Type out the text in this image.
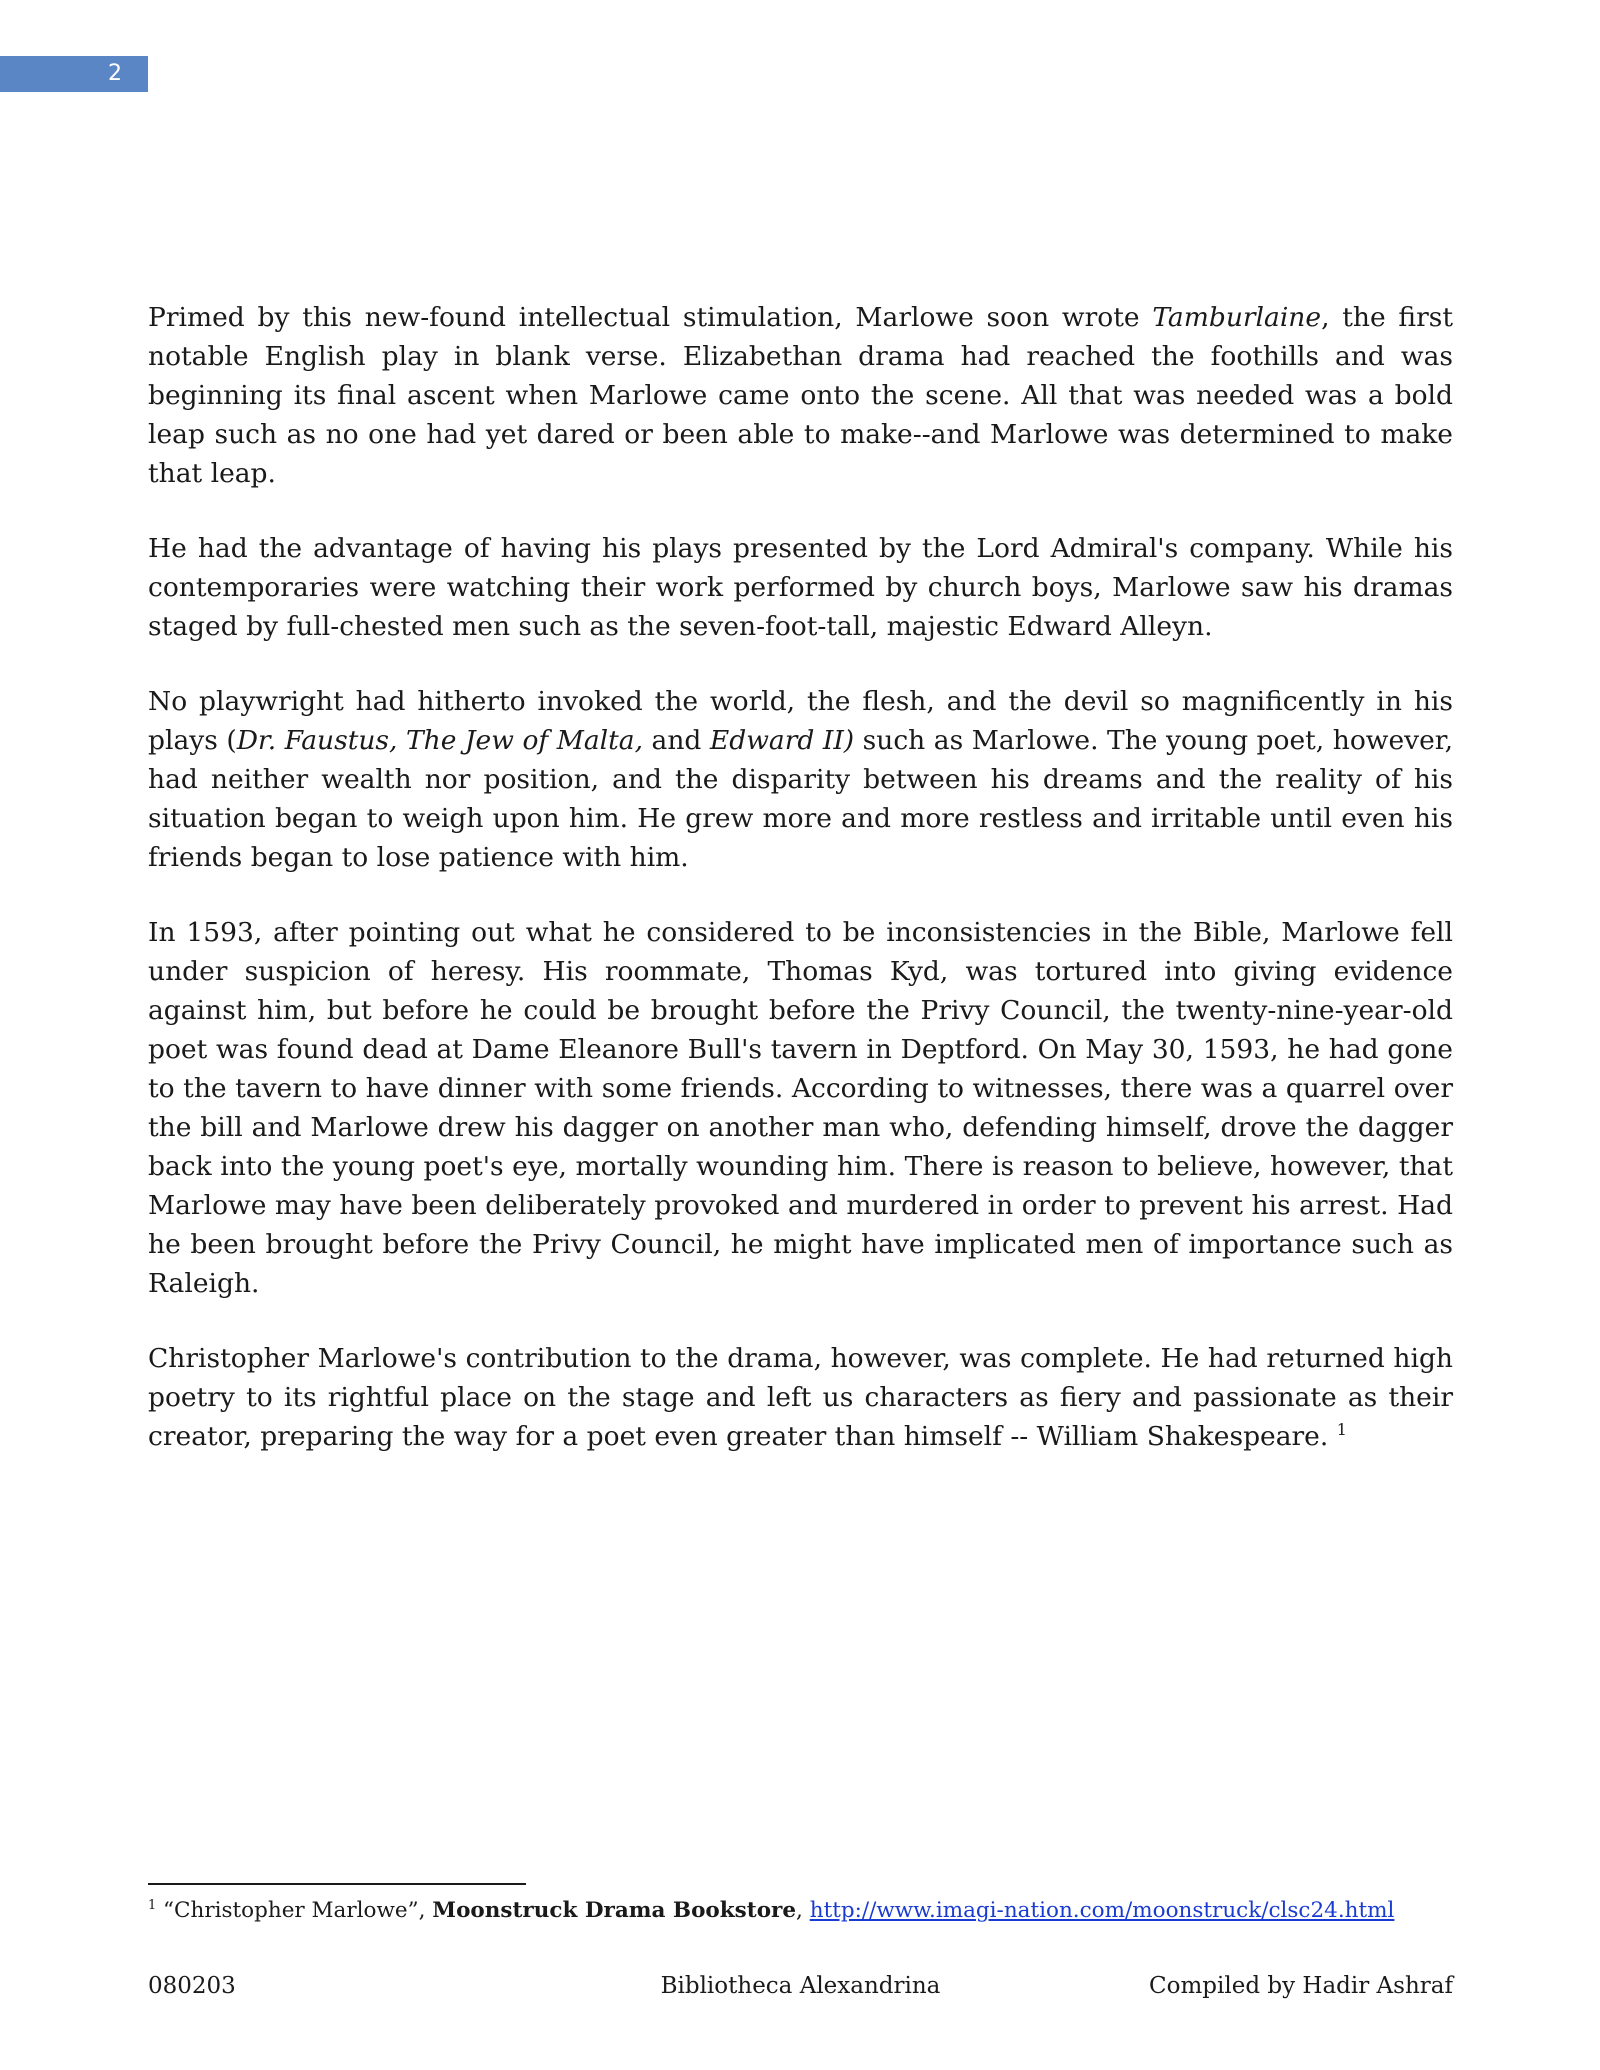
2

Primed by this new-found intellectual stimulation, Marlowe soon wrote Tamburlaine, the first notable English play in blank verse. Elizabethan drama had reached the foothills and was beginning its final ascent when Marlowe came onto the scene. All that was needed was a bold leap such as no one had yet dared or been able to make--and Marlowe was determined to make that leap.

He had the advantage of having his plays presented by the Lord Admiral's company. While his contemporaries were watching their work performed by church boys, Marlowe saw his dramas staged by full-chested men such as the seven-foot-tall, majestic Edward Alleyn.

No playwright had hitherto invoked the world, the flesh, and the devil so magnificently in his plays (Dr. Faustus, The Jew of Malta, and Edward II) such as Marlowe. The young poet, however, had neither wealth nor position, and the disparity between his dreams and the reality of his situation began to weigh upon him. He grew more and more restless and irritable until even his friends began to lose patience with him.

In 1593, after pointing out what he considered to be inconsistencies in the Bible, Marlowe fell under suspicion of heresy. His roommate, Thomas Kyd, was tortured into giving evidence against him, but before he could be brought before the Privy Council, the twenty-nine-year-old poet was found dead at Dame Eleanore Bull's tavern in Deptford. On May 30, 1593, he had gone to the tavern to have dinner with some friends. According to witnesses, there was a quarrel over the bill and Marlowe drew his dagger on another man who, defending himself, drove the dagger back into the young poet's eye, mortally wounding him. There is reason to believe, however, that Marlowe may have been deliberately provoked and murdered in order to prevent his arrest. Had he been brought before the Privy Council, he might have implicated men of importance such as Raleigh.

Christopher Marlowe's contribution to the drama, however, was complete. He had returned high poetry to its rightful place on the stage and left us characters as fiery and passionate as their creator, preparing the way for a poet even greater than himself -- William Shakespeare. $^1$

$^1$ “Christopher Marlowe”, Moonstruck Drama Bookstore, http://www.imagi-nation.com/moonstruck/clsc24.html
080203	Bibliotheca Alexandrina	Compiled by Hadir Ashraf
